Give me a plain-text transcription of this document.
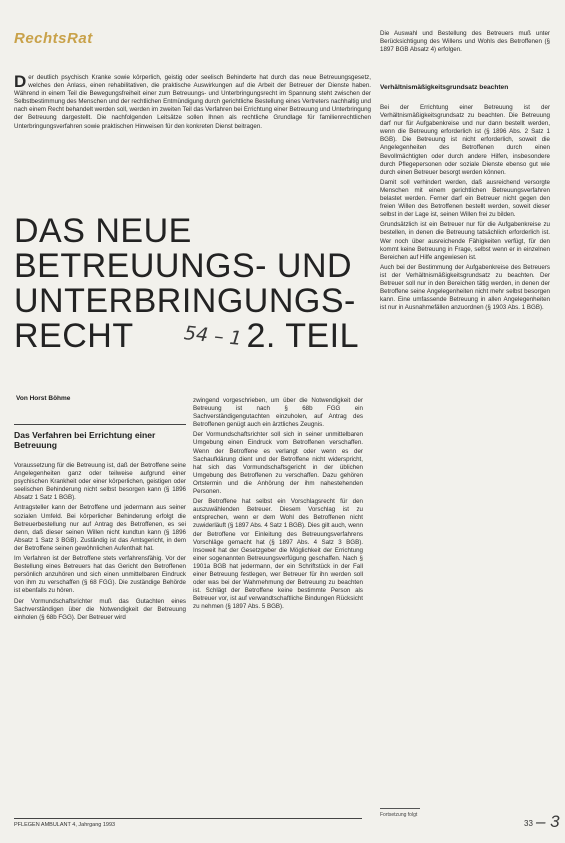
RechtsRat
D er deutlich psychisch Kranke sowie körperlich, geistig oder seelisch Behinderte hat durch das neue Betreuungsgesetz, welches den Anlass, einen rehabilitativen, die praktische Auswirkungen auf die Arbeit der Betreuer der Dienste haben. Während in einem Teil die Bewegungsfreiheit einer zum Betreuungs- und Unterbringungsrecht im Spannung steht zwischen der Selbstbestimmung des Menschen und der rechtlichen Entmündigung durch gerichtliche Bestellung eines Vertreters nachhaltig und nach einem Recht behandelt werden soll, werden im zweiten Teil das Verfahren bei Errichtung einer Betreuung und Unterbringung der Betreuung dargestellt. Die nachfolgenden Leitsätze sollen Ihnen als rechtliche Grundlage für familienrechtlichen Unterbringungsverfahren sowie praktischen Hinweisen für den konkreten Dienst beitragen.
DAS NEUE
BETREUUNGS- UND
UNTERBRINGUNGS-
RECHT	2. TEIL
54 – 1
Von Horst Böhme
Das Verfahren bei Errichtung einer Betreuung

Voraussetzung für die Betreuung ist, daß der Betroffene seine Angelegenheiten ganz oder teilweise aufgrund einer psychischen Krankheit oder einer körperlichen, geistigen oder seelischen Behinderung nicht selbst besorgen kann (§ 1896 Absatz 1 Satz 1 BGB).

Antragsteller kann der Betroffene und jedermann aus seiner sozialen Umfeld. Bei körperlicher Behinderung erfolgt die Betreuerbestellung nur auf Antrag des Betroffenen, es sei denn, daß dieser seinen Willen nicht kundtun kann (§ 1896 Absatz 1 Satz 3 BGB). Zuständig ist das Amtsgericht, in dem der Betroffene seinen gewöhnlichen Aufenthalt hat.

Im Verfahren ist der Betroffene stets verfahrensfähig. Vor der Bestellung eines Betreuers hat das Gericht den Betroffenen persönlich anzuhören und sich einen unmittelbaren Eindruck von ihm zu verschaffen (§ 68 FGG). Die zuständige Behörde ist ebenfalls zu hören.

Der Vormundschaftsrichter muß das Gutachten eines Sachverständigen über die Notwendigkeit der Betreuung einholen (§ 68b FGG). Der Betreuer wird

zwingend vorgeschrieben, um über die Notwendigkeit der Betreuung ist nach § 68b FGG ein Sachverständigengutachten einzuholen, auf Antrag des Betroffenen genügt auch ein ärztliches Zeugnis.

Der Vormundschaftsrichter soll sich in seiner unmittelbaren Umgebung einen Eindruck vom Betroffenen verschaffen. Wenn der Betroffene es verlangt oder wenn es der Sachaufklärung dient und der Betroffene nicht widerspricht, hat sich das Vormundschaftsgericht in der üblichen Umgebung des Betroffenen zu verschaffen. Dazu gehören Ortstermin und die Anhörung der ihm nahestehenden Personen.

Der Betroffene hat selbst ein Vorschlagsrecht für den auszuwählenden Betreuer. Diesem Vorschlag ist zu entsprechen, wenn er dem Wohl des Betroffenen nicht zuwiderläuft (§ 1897 Abs. 4 Satz 1 BGB). Dies gilt auch, wenn der Betroffene vor Einleitung des Betreuungsverfahrens Vorschläge gemacht hat (§ 1897 Abs. 4 Satz 3 BGB). Insoweit hat der Gesetzgeber die Möglichkeit der Errichtung einer sogenannten Betreuungsverfügung geschaffen. Nach § 1901a BGB hat jedermann, der ein Schriftstück in der Fall einer Betreuung festlegen, wer Betreuer für ihn werden soll oder was bei der Wahrnehmung der Betreuung zu beachten ist. Schlägt der Betroffene keine bestimmte Person als Betreuer vor, ist auf verwandtschaftliche Bindungen Rücksicht zu nehmen (§ 1897 Abs. 5 BGB).

Die Auswahl und Bestellung des Betreuers muß unter Berücksichtigung des Willens und Wohls des Betroffenen (§ 1897 BGB Absatz 4) erfolgen.
Verhältnismäßigkeitsgrundsatz beachten

Bei der Errichtung einer Betreuung ist der Verhältnismäßigkeitsgrundsatz zu beachten. Die Betreuung darf nur für Aufgabenkreise und nur dann bestellt werden, wenn die Betreuung erforderlich ist (§ 1896 Abs. 2 Satz 1 BGB). Die Betreuung ist nicht erforderlich, soweit die Angelegenheiten des Betroffenen durch einen Bevollmächtigten oder durch andere Hilfen, insbesondere durch Pflegepersonen oder soziale Dienste ebenso gut wie durch einen Betreuer besorgt werden können.

Damit soll verhindert werden, daß ausreichend versorgte Menschen mit einem gerichtlichen Betreuungsverfahren belastet werden. Ferner darf ein Betreuer nicht gegen den freien Willen des Betroffenen bestellt werden, soweit dieser selbst in der Lage ist, seinen Willen frei zu bilden.

Grundsätzlich ist ein Betreuer nur für die Aufgabenkreise zu bestellen, in denen die Betreuung tatsächlich erforderlich ist. Wer noch über ausreichende Fähigkeiten verfügt, für den kommt keine Betreuung in Frage, selbst wenn er in einzelnen Bereichen auf Hilfe angewiesen ist.

Auch bei der Bestimmung der Aufgabenkreise des Betreuers ist der Verhältnismäßigkeitsgrundsatz zu beachten. Der Betreuer soll nur in den Bereichen tätig werden, in denen der Betroffene seine Angelegenheiten nicht mehr selbst besorgen kann. Eine umfassende Betreuung in allen Angelegenheiten ist nur in Ausnahmefällen anzuordnen (§ 1903 Abs. 1 BGB).

Fortsetzung folgt
PFLEGEN AMBULANT 4, Jahrgang 1993	33 – 3
